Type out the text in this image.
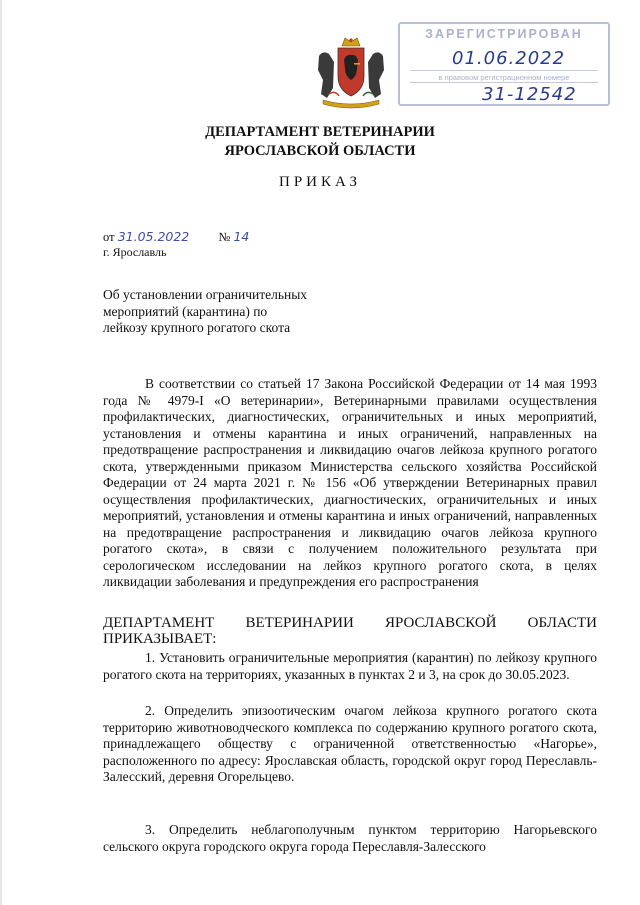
ЗАРЕГИСТРИРОВАН
01.06.2022
в правовом регистрационном номере
31-12542
ДЕПАРТАМЕНТ ВЕТЕРИНАРИИ
ЯРОСЛАВСКОЙ ОБЛАСТИ
ПРИКАЗ
от 31.05.2022 № 14
г. Ярославль
Об установлении ограничительных
мероприятий (карантина) по
лейкозу крупного рогатого скота

В соответствии со статьей 17 Закона Российской Федерации от 14 мая 1993 года № 4979-I «О ветеринарии», Ветеринарными правилами осуществления профилактических, диагностических, ограничительных и иных мероприятий, установления и отмены карантина и иных ограничений, направленных на предотвращение распространения и ликвидацию очагов лейкоза крупного рогатого скота, утвержденными приказом Министерства сельского хозяйства Российской Федерации от 24 марта 2021 г. № 156 «Об утверждении Ветеринарных правил осуществления профилактических, диагностических, ограничительных и иных мероприятий, установления и отмены карантина и иных ограничений, направленных на предотвращение распространения и ликвидацию очагов лейкоза крупного рогатого скота», в связи с получением положительного результата при серологическом исследовании на лейкоз крупного рогатого скота, в целях ликвидации заболевания и предупреждения его распространения

ДЕПАРТАМЕНТ ВЕТЕРИНАРИИ ЯРОСЛАВСКОЙ ОБЛАСТИ
ПРИКАЗЫВАЕТ:

1. Установить ограничительные мероприятия (карантин) по лейкозу крупного рогатого скота на территориях, указанных в пунктах 2 и 3, на срок до 30.05.2023.

2. Определить эпизоотическим очагом лейкоза крупного рогатого скота территорию животноводческого комплекса по содержанию крупного рогатого скота, принадлежащего обществу с ограниченной ответственностью «Нагорье», расположенного по адресу: Ярославская область, городской округ город Переславль-Залесский, деревня Огорельцево.

3. Определить неблагополучным пунктом территорию Нагорьевского сельского округа городского округа города Переславля-Залесского
